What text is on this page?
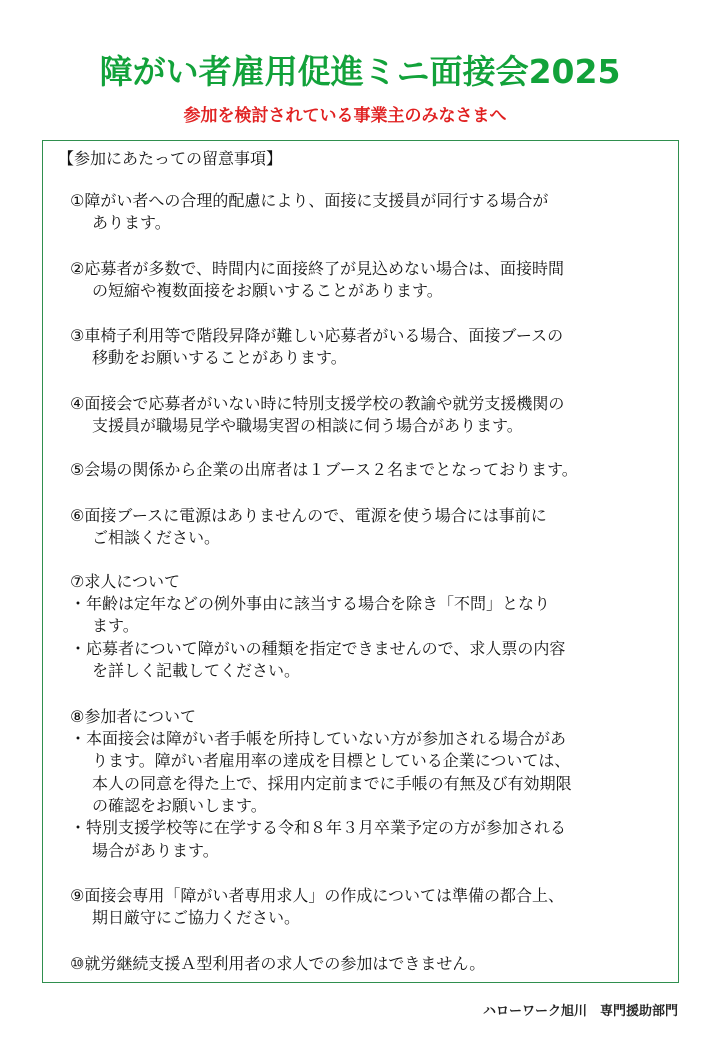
障がい者雇用促進ミニ面接会2025
参加を検討されている事業主のみなさまへ
【参加にあたっての留意事項】
①障がい者への合理的配慮により、面接に支援員が同行する場合が
あります。
②応募者が多数で、時間内に面接終了が見込めない場合は、面接時間
の短縮や複数面接をお願いすることがあります。
③車椅子利用等で階段昇降が難しい応募者がいる場合、面接ブースの
移動をお願いすることがあります。
④面接会で応募者がいない時に特別支援学校の教諭や就労支援機関の
支援員が職場見学や職場実習の相談に伺う場合があります。
⑤会場の関係から企業の出席者は１ブース２名までとなっております。
⑥面接ブースに電源はありませんので、電源を使う場合には事前に
ご相談ください。
⑦求人について
・年齢は定年などの例外事由に該当する場合を除き「不問」となり
ます。
・応募者について障がいの種類を指定できませんので、求人票の内容
を詳しく記載してください。
⑧参加者について
・本面接会は障がい者手帳を所持していない方が参加される場合があ
ります。障がい者雇用率の達成を目標としている企業については、
本人の同意を得た上で、採用内定前までに手帳の有無及び有効期限
の確認をお願いします。
・特別支援学校等に在学する令和８年３月卒業予定の方が参加される
場合があります。
⑨面接会専用「障がい者専用求人」の作成については準備の都合上、
期日厳守にご協力ください。
⑩就労継続支援Ａ型利用者の求人での参加はできません。
ハローワーク旭川　専門援助部門
